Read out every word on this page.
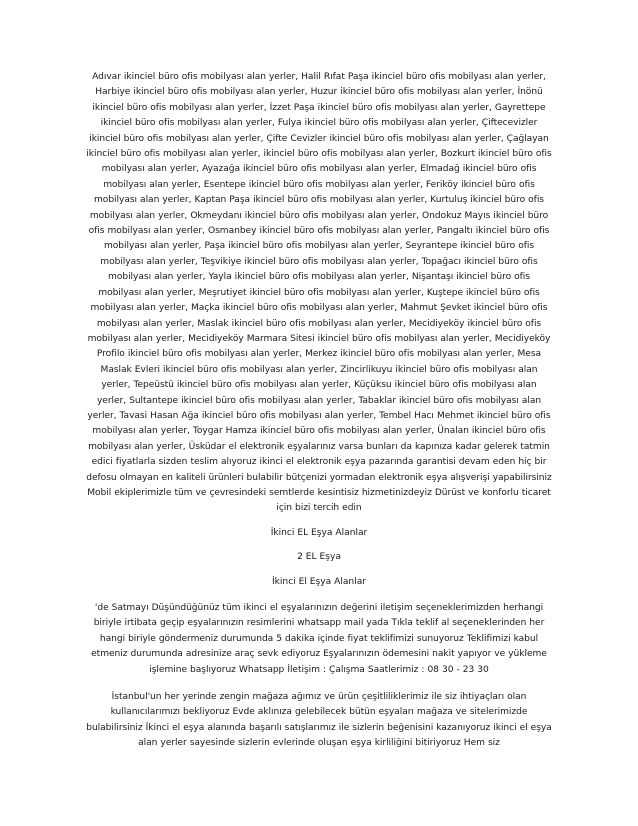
Adıvar ikinciel büro ofis mobilyası alan yerler, Halil Rıfat Paşa ikinciel büro ofis mobilyası alan yerler, Harbiye ikinciel büro ofis mobilyası alan yerler, Huzur ikinciel büro ofis mobilyası alan yerler, İnönü ikinciel büro ofis mobilyası alan yerler, İzzet Paşa ikinciel büro ofis mobilyası alan yerler, Gayrettepe ikinciel büro ofis mobilyası alan yerler, Fulya ikinciel büro ofis mobilyası alan yerler, Çiftecevizler ikinciel büro ofis mobilyası alan yerler, Çifte Cevizler ikinciel büro ofis mobilyası alan yerler, Çağlayan ikinciel büro ofis mobilyası alan yerler, ikinciel büro ofis mobilyası alan yerler, Bozkurt ikinciel büro ofis mobilyası alan yerler, Ayazağa ikinciel büro ofis mobilyası alan yerler, Elmadağ ikinciel büro ofis mobilyası alan yerler, Esentepe ikinciel büro ofis mobilyası alan yerler, Feriköy ikinciel büro ofis mobilyası alan yerler, Kaptan Paşa ikinciel büro ofis mobilyası alan yerler, Kurtuluş ikinciel büro ofis mobilyası alan yerler, Okmeydanı ikinciel büro ofis mobilyası alan yerler, Ondokuz Mayıs ikinciel büro ofis mobilyası alan yerler, Osmanbey ikinciel büro ofis mobilyası alan yerler, Pangaltı ikinciel büro ofis mobilyası alan yerler, Paşa ikinciel büro ofis mobilyası alan yerler, Seyrantepe ikinciel büro ofis mobilyası alan yerler, Teşvikiye ikinciel büro ofis mobilyası alan yerler, Topağacı ikinciel büro ofis mobilyası alan yerler, Yayla ikinciel büro ofis mobilyası alan yerler, Nişantaşı ikinciel büro ofis mobilyası alan yerler, Meşrutiyet ikinciel büro ofis mobilyası alan yerler, Kuştepe ikinciel büro ofis mobilyası alan yerler, Maçka ikinciel büro ofis mobilyası alan yerler, Mahmut Şevket ikinciel büro ofis mobilyası alan yerler, Maslak ikinciel büro ofis mobilyası alan yerler, Mecidiyeköy ikinciel büro ofis mobilyası alan yerler, Mecidiyeköy Marmara Sitesi ikinciel büro ofis mobilyası alan yerler, Mecidiyeköy Profilo ikinciel büro ofis mobilyası alan yerler, Merkez ikinciel büro ofis mobilyası alan yerler, Mesa Maslak Evleri ikinciel büro ofis mobilyası alan yerler, Zincirlikuyu ikinciel büro ofis mobilyası alan yerler, Tepeüstü ikinciel büro ofis mobilyası alan yerler, Küçüksu ikinciel büro ofis mobilyası alan yerler, Sultantepe ikinciel büro ofis mobilyası alan yerler, Tabaklar ikinciel büro ofis mobilyası alan yerler, Tavasi Hasan Ağa ikinciel büro ofis mobilyası alan yerler, Tembel Hacı Mehmet ikinciel büro ofis mobilyası alan yerler, Toygar Hamza ikinciel büro ofis mobilyası alan yerler, Ünalan ikinciel büro ofis mobilyası alan yerler, Üsküdar el elektronik eşyalarınız varsa bunları da kapınıza kadar gelerek tatmin edici fiyatlarla sizden teslim alıyoruz ikinci el elektronik eşya pazarında garantisi devam eden hiç bir defosu olmayan en kaliteli ürünleri bulabilir bütçenizi yormadan elektronik eşya alışverişi yapabilirsiniz Mobil ekiplerimizle tüm ve çevresindeki semtlerde kesintisiz hizmetinizdeyiz Dürüst ve konforlu ticaret için bizi tercih edin

İkinci EL Eşya Alanlar

2 EL Eşya

İkinci El Eşya Alanlar

'de Satmayı Düşündüğünüz tüm ikinci el eşyalarınızın değerini iletişim seçeneklerimizden herhangi biriyle irtibata geçip eşyalarınızın resimlerini whatsapp mail yada Tıkla teklif al seçeneklerinden her hangi biriyle göndermeniz durumunda 5 dakika içinde fiyat teklifimizi sunuyoruz Teklifimizi kabul etmeniz durumunda adresinize araç sevk ediyoruz Eşyalarınızın ödemesini nakit yapıyor ve yükleme işlemine başlıyoruz Whatsapp İletişim : Çalışma Saatlerimiz : 08 30 - 23 30

İstanbul'un her yerinde zengin mağaza ağımız ve ürün çeşitliliklerimiz ile siz ihtiyaçları olan kullanıcılarımızı bekliyoruz Evde aklınıza gelebilecek bütün eşyaları mağaza ve sitelerimizde bulabilirsiniz İkinci el eşya alanında başarılı satışlarımız ile sizlerin beğenisini kazanıyoruz ikinci el eşya alan yerler sayesinde sizlerin evlerinde oluşan eşya kirliliğini bitiriyoruz Hem siz
